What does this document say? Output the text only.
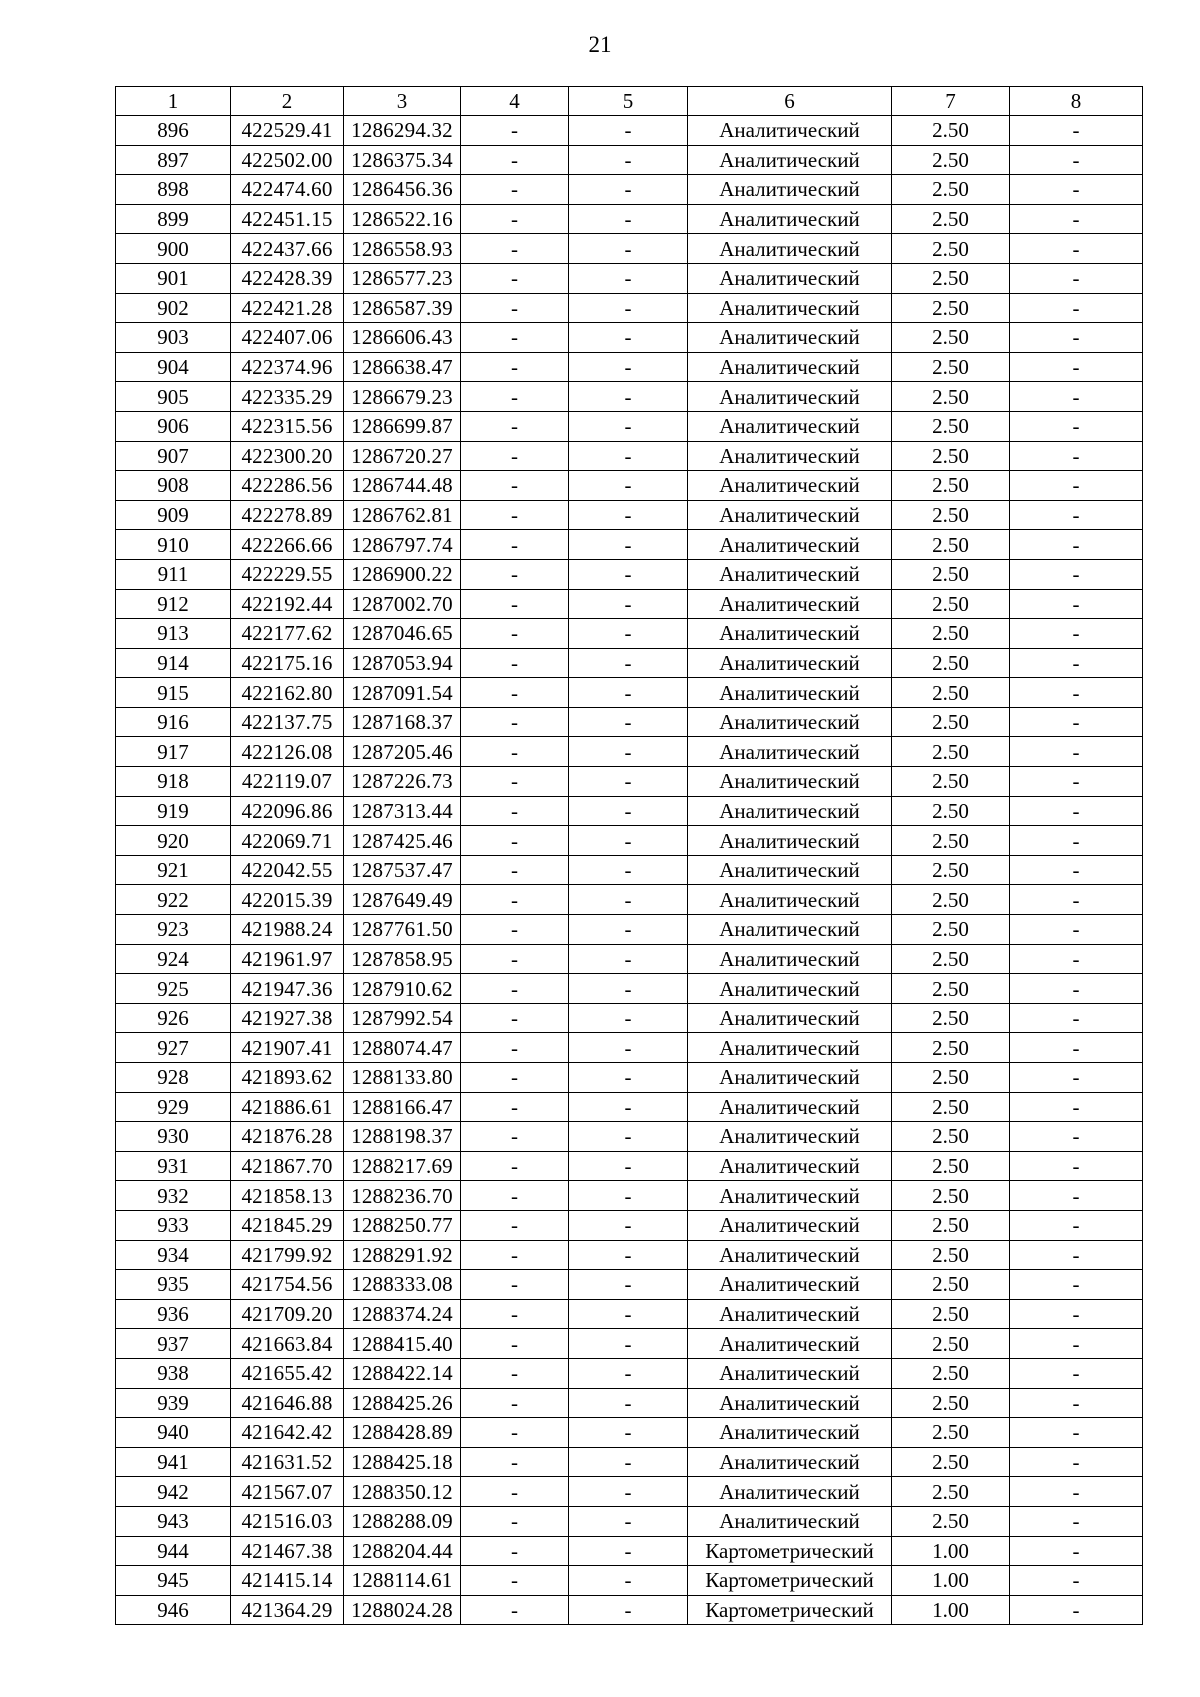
21
1	2	3	4	5	6	7	8
896	422529.41	1286294.32	-	-	Аналитический	2.50	-
897	422502.00	1286375.34	-	-	Аналитический	2.50	-
898	422474.60	1286456.36	-	-	Аналитический	2.50	-
899	422451.15	1286522.16	-	-	Аналитический	2.50	-
900	422437.66	1286558.93	-	-	Аналитический	2.50	-
901	422428.39	1286577.23	-	-	Аналитический	2.50	-
902	422421.28	1286587.39	-	-	Аналитический	2.50	-
903	422407.06	1286606.43	-	-	Аналитический	2.50	-
904	422374.96	1286638.47	-	-	Аналитический	2.50	-
905	422335.29	1286679.23	-	-	Аналитический	2.50	-
906	422315.56	1286699.87	-	-	Аналитический	2.50	-
907	422300.20	1286720.27	-	-	Аналитический	2.50	-
908	422286.56	1286744.48	-	-	Аналитический	2.50	-
909	422278.89	1286762.81	-	-	Аналитический	2.50	-
910	422266.66	1286797.74	-	-	Аналитический	2.50	-
911	422229.55	1286900.22	-	-	Аналитический	2.50	-
912	422192.44	1287002.70	-	-	Аналитический	2.50	-
913	422177.62	1287046.65	-	-	Аналитический	2.50	-
914	422175.16	1287053.94	-	-	Аналитический	2.50	-
915	422162.80	1287091.54	-	-	Аналитический	2.50	-
916	422137.75	1287168.37	-	-	Аналитический	2.50	-
917	422126.08	1287205.46	-	-	Аналитический	2.50	-
918	422119.07	1287226.73	-	-	Аналитический	2.50	-
919	422096.86	1287313.44	-	-	Аналитический	2.50	-
920	422069.71	1287425.46	-	-	Аналитический	2.50	-
921	422042.55	1287537.47	-	-	Аналитический	2.50	-
922	422015.39	1287649.49	-	-	Аналитический	2.50	-
923	421988.24	1287761.50	-	-	Аналитический	2.50	-
924	421961.97	1287858.95	-	-	Аналитический	2.50	-
925	421947.36	1287910.62	-	-	Аналитический	2.50	-
926	421927.38	1287992.54	-	-	Аналитический	2.50	-
927	421907.41	1288074.47	-	-	Аналитический	2.50	-
928	421893.62	1288133.80	-	-	Аналитический	2.50	-
929	421886.61	1288166.47	-	-	Аналитический	2.50	-
930	421876.28	1288198.37	-	-	Аналитический	2.50	-
931	421867.70	1288217.69	-	-	Аналитический	2.50	-
932	421858.13	1288236.70	-	-	Аналитический	2.50	-
933	421845.29	1288250.77	-	-	Аналитический	2.50	-
934	421799.92	1288291.92	-	-	Аналитический	2.50	-
935	421754.56	1288333.08	-	-	Аналитический	2.50	-
936	421709.20	1288374.24	-	-	Аналитический	2.50	-
937	421663.84	1288415.40	-	-	Аналитический	2.50	-
938	421655.42	1288422.14	-	-	Аналитический	2.50	-
939	421646.88	1288425.26	-	-	Аналитический	2.50	-
940	421642.42	1288428.89	-	-	Аналитический	2.50	-
941	421631.52	1288425.18	-	-	Аналитический	2.50	-
942	421567.07	1288350.12	-	-	Аналитический	2.50	-
943	421516.03	1288288.09	-	-	Аналитический	2.50	-
944	421467.38	1288204.44	-	-	Картометрический	1.00	-
945	421415.14	1288114.61	-	-	Картометрический	1.00	-
946	421364.29	1288024.28	-	-	Картометрический	1.00	-
